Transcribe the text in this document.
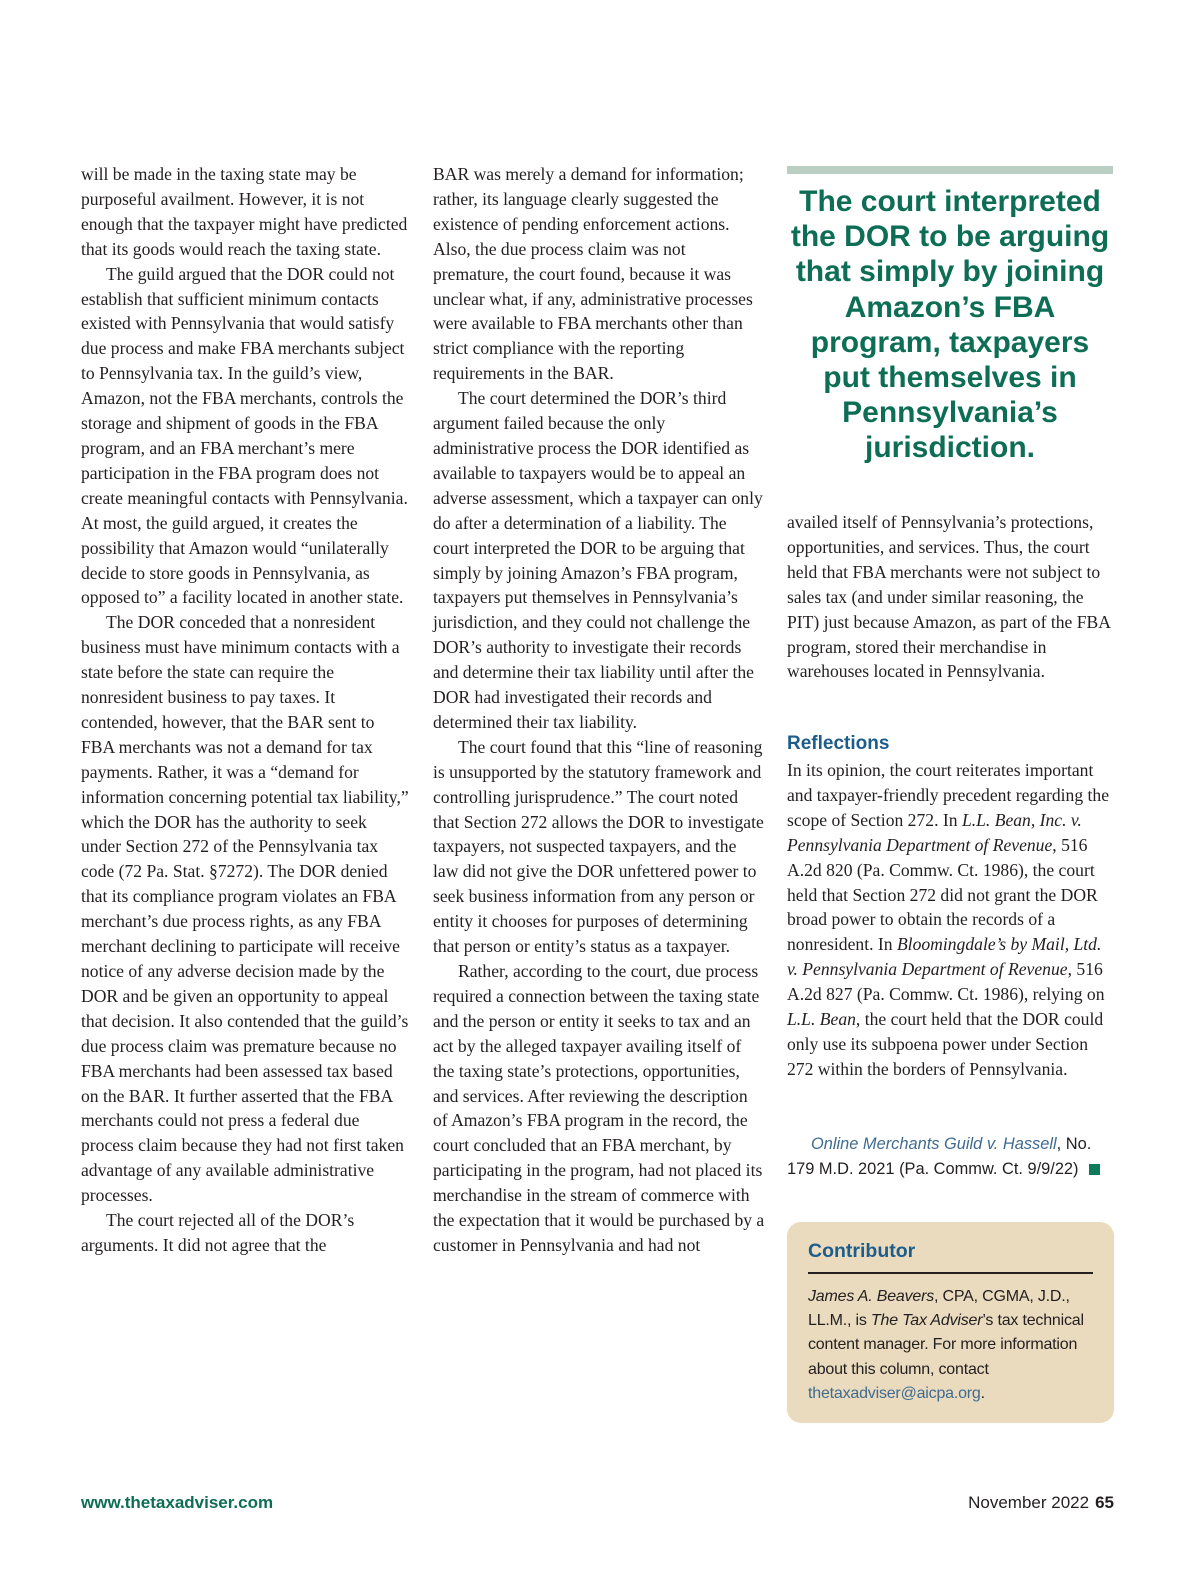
will be made in the taxing state may be purposeful availment. However, it is not enough that the taxpayer might have predicted that its goods would reach the taxing state.

The guild argued that the DOR could not establish that sufficient minimum contacts existed with Pennsylvania that would satisfy due process and make FBA merchants subject to Pennsylvania tax. In the guild’s view, Amazon, not the FBA merchants, controls the storage and shipment of goods in the FBA program, and an FBA merchant’s mere participation in the FBA program does not create meaningful contacts with Pennsylvania. At most, the guild argued, it creates the possibility that Amazon would “unilaterally decide to store goods in Pennsylvania, as opposed to” a facility located in another state.

The DOR conceded that a nonresident business must have minimum contacts with a state before the state can require the nonresident business to pay taxes. It contended, however, that the BAR sent to FBA merchants was not a demand for tax payments. Rather, it was a “demand for information concerning potential tax liability,” which the DOR has the authority to seek under Section 272 of the Pennsylvania tax code (72 Pa. Stat. §7272). The DOR denied that its compliance program violates an FBA merchant’s due process rights, as any FBA merchant declining to participate will receive notice of any adverse decision made by the DOR and be given an opportunity to appeal that decision. It also contended that the guild’s due process claim was premature because no FBA merchants had been assessed tax based on the BAR. It further asserted that the FBA merchants could not press a federal due process claim because they had not first taken advantage of any available administrative processes.

The court rejected all of the DOR’s arguments. It did not agree that the

BAR was merely a demand for information; rather, its language clearly suggested the existence of pending enforcement actions. Also, the due process claim was not premature, the court found, because it was unclear what, if any, administrative processes were available to FBA merchants other than strict compliance with the reporting requirements in the BAR.

The court determined the DOR’s third argument failed because the only administrative process the DOR identified as available to taxpayers would be to appeal an adverse assessment, which a taxpayer can only do after a determination of a liability. The court interpreted the DOR to be arguing that simply by joining Amazon’s FBA program, taxpayers put themselves in Pennsylvania’s jurisdiction, and they could not challenge the DOR’s authority to investigate their records and determine their tax liability until after the DOR had investigated their records and determined their tax liability.

The court found that this “line of reasoning is unsupported by the statutory framework and controlling jurisprudence.” The court noted that Section 272 allows the DOR to investigate taxpayers, not suspected taxpayers, and the law did not give the DOR unfettered power to seek business information from any person or entity it chooses for purposes of determining that person or entity’s status as a taxpayer.

Rather, according to the court, due process required a connection between the taxing state and the person or entity it seeks to tax and an act by the alleged taxpayer availing itself of the taxing state’s protections, opportunities, and services. After reviewing the description of Amazon’s FBA program in the record, the court concluded that an FBA merchant, by participating in the program, had not placed its merchandise in the stream of commerce with the expectation that it would be purchased by a customer in Pennsylvania and had not

The court interpreted the DOR to be arguing that simply by joining Amazon’s FBA program, taxpayers put themselves in Pennsylvania’s jurisdiction.

availed itself of Pennsylvania’s protections, opportunities, and services. Thus, the court held that FBA merchants were not subject to sales tax (and under similar reasoning, the PIT) just because Amazon, as part of the FBA program, stored their merchandise in warehouses located in Pennsylvania.

Reflections

In its opinion, the court reiterates important and taxpayer-friendly precedent regarding the scope of Section 272. In L.L. Bean, Inc. v. Pennsylvania Department of Revenue, 516 A.2d 820 (Pa. Commw. Ct. 1986), the court held that Section 272 did not grant the DOR broad power to obtain the records of a nonresident. In Bloomingdale’s by Mail, Ltd. v. Pennsylvania Department of Revenue, 516 A.2d 827 (Pa. Commw. Ct. 1986), relying on L.L. Bean, the court held that the DOR could only use its subpoena power under Section 272 within the borders of Pennsylvania.

Online Merchants Guild v. Hassell, No. 179 M.D. 2021 (Pa. Commw. Ct. 9/9/22)

Contributor

James A. Beavers, CPA, CGMA, J.D., LL.M., is The Tax Adviser’s tax technical content manager. For more information about this column, contact thetaxadviser@aicpa.org.

www.thetaxadviser.com	November 2022 65
